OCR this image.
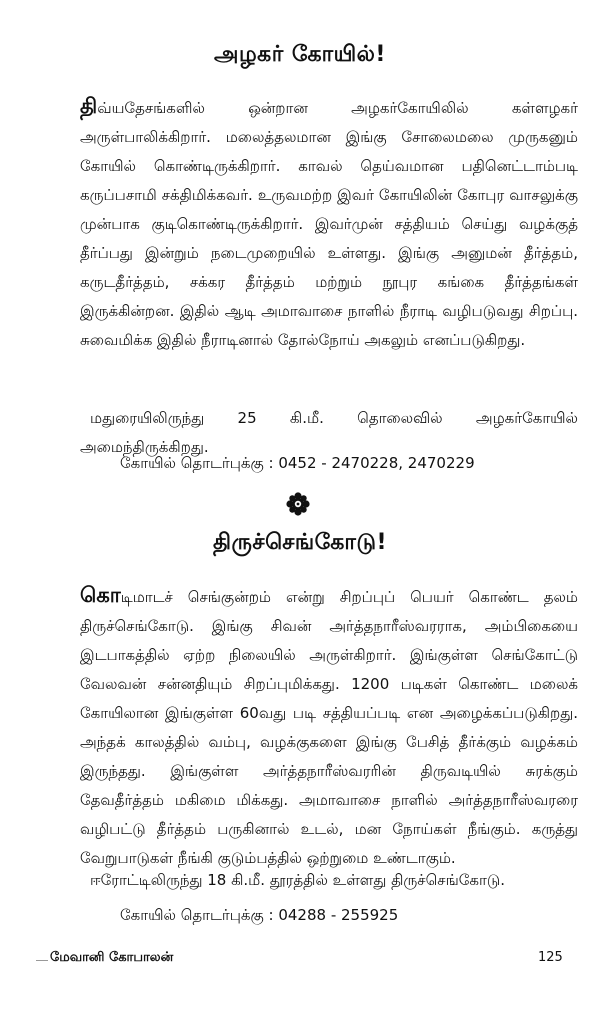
அழகர் கோயில்!

திவ்யதேசங்களில் ஒன்றான அழகர்கோயிலில் கள்ளழகர் அருள்பாலிக்கிறார். மலைத்தலமான இங்கு சோலைமலை முருகனும் கோயில் கொண்டிருக்கிறார். காவல் தெய்வமான பதினெட்டாம்படி கருப்பசாமி சக்திமிக்கவர். உருவமற்ற இவர் கோயிலின் கோபுர வாசலுக்கு முன்பாக குடிகொண்டிருக்கிறார். இவர்முன் சத்தியம் செய்து வழக்குத் தீர்ப்பது இன்றும் நடைமுறையில் உள்ளது. இங்கு அனுமன் தீர்த்தம், கருடதீர்த்தம், சக்கர தீர்த்தம் மற்றும் நூபுர கங்கை தீர்த்தங்கள் இருக்கின்றன. இதில் ஆடி அமாவாசை நாளில் நீராடி வழிபடுவது சிறப்பு. சுவைமிக்க இதில் நீராடினால் தோல்நோய் அகலும் எனப்படுகிறது.

மதுரையிலிருந்து 25 கி.மீ. தொலைவில் அழகர்கோயில் அமைந்திருக்கிறது.

கோயில் தொடர்புக்கு : 0452 - 2470228, 2470229

திருச்செங்கோடு!

கொடிமாடச் செங்குன்றம் என்று சிறப்புப் பெயர் கொண்ட தலம் திருச்செங்கோடு. இங்கு சிவன் அர்த்தநாரீஸ்வரராக, அம்பிகையை இடபாகத்தில் ஏற்ற நிலையில் அருள்கிறார். இங்குள்ள செங்கோட்டு வேலவன் சன்னதியும் சிறப்புமிக்கது. 1200 படிகள் கொண்ட மலைக் கோயிலான இங்குள்ள 60வது படி சத்தியப்படி என அழைக்கப்படுகிறது. அந்தக் காலத்தில் வம்பு, வழக்குகளை இங்கு பேசித் தீர்க்கும் வழக்கம் இருந்தது. இங்குள்ள அர்த்தநாரீஸ்வரரின் திருவடியில் சுரக்கும் தேவதீர்த்தம் மகிமை மிக்கது. அமாவாசை நாளில் அர்த்தநாரீஸ்வரரை வழிபட்டு தீர்த்தம் பருகினால் உடல், மன நோய்கள் நீங்கும். கருத்து வேறுபாடுகள் நீங்கி குடும்பத்தில் ஒற்றுமை உண்டாகும்.

ஈரோட்டிலிருந்து 18 கி.மீ. தூரத்தில் உள்ளது திருச்செங்கோடு.

கோயில் தொடர்புக்கு : 04288 - 255925

மேவானி கோபாலன்	125
